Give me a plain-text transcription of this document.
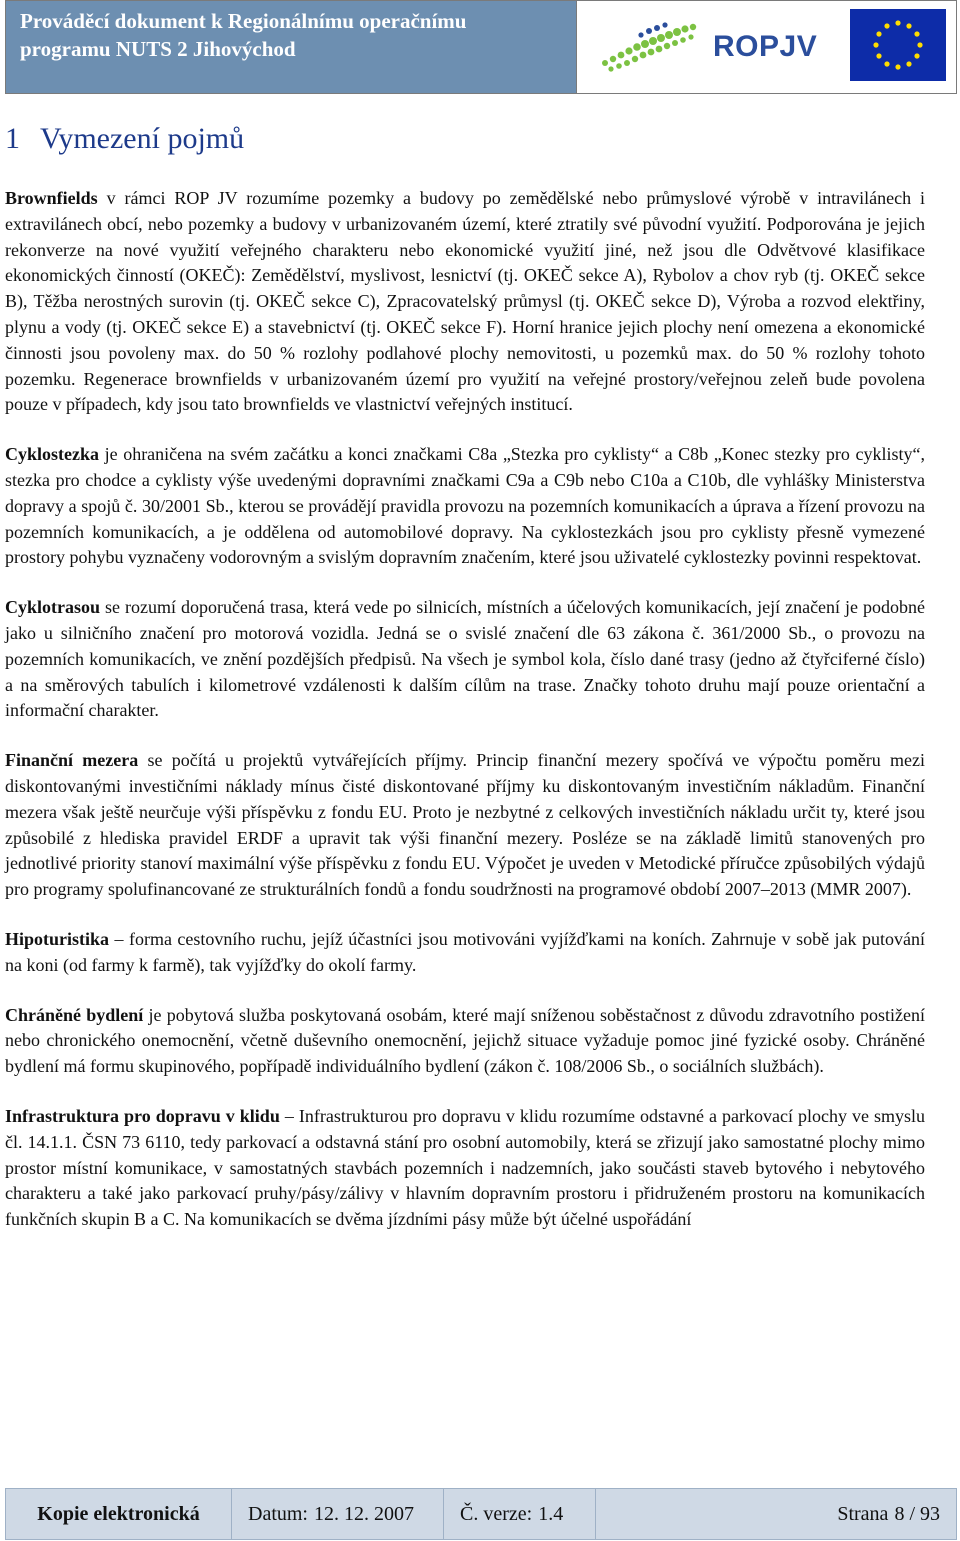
Prováděcí dokument k Regionálnímu operačnímu
programu NUTS 2 Jihovýchod	ROPJV
1 Vymezení pojmů

Brownfields v rámci ROP JV rozumíme pozemky a budovy po zemědělské nebo průmyslové výrobě v intravilánech i extravilánech obcí, nebo pozemky a budovy v urbanizovaném území, které ztratily své původní využití. Podporována je jejich rekonverze na nové využití veřejného charakteru nebo ekonomické využití jiné, než jsou dle Odvětvové klasifikace ekonomických činností (OKEČ): Zemědělství, myslivost, lesnictví (tj. OKEČ sekce A), Rybolov a chov ryb (tj. OKEČ sekce B), Těžba nerostných surovin (tj. OKEČ sekce C), Zpracovatelský průmysl (tj. OKEČ sekce D), Výroba a rozvod elektřiny, plynu a vody (tj. OKEČ sekce E) a stavebnictví (tj. OKEČ sekce F). Horní hranice jejich plochy není omezena a ekonomické činnosti jsou povoleny max. do 50 % rozlohy podlahové plochy nemovitosti, u pozemků max. do 50 % rozlohy tohoto pozemku. Regenerace brownfields v urbanizovaném území pro využití na veřejné prostory/veřejnou zeleň bude povolena pouze v případech, kdy jsou tato brownfields ve vlastnictví veřejných institucí.

Cyklostezka je ohraničena na svém začátku a konci značkami C8a „Stezka pro cyklisty“ a C8b „Konec stezky pro cyklisty“, stezka pro chodce a cyklisty výše uvedenými dopravními značkami C9a a C9b nebo C10a a C10b, dle vyhlášky Ministerstva dopravy a spojů č. 30/2001 Sb., kterou se provádějí pravidla provozu na pozemních komunikacích a úprava a řízení provozu na pozemních komunikacích, a je oddělena od automobilové dopravy. Na cyklostezkách jsou pro cyklisty přesně vymezené prostory pohybu vyznačeny vodorovným a svislým dopravním značením, které jsou uživatelé cyklostezky povinni respektovat.

Cyklotrasou se rozumí doporučená trasa, která vede po silnicích, místních a účelových komunikacích, její značení je podobné jako u silničního značení pro motorová vozidla. Jedná se o svislé značení dle 63 zákona č. 361/2000 Sb., o provozu na pozemních komunikacích, ve znění pozdějších předpisů. Na všech je symbol kola, číslo dané trasy (jedno až čtyřciferné číslo) a na směrových tabulích i kilometrové vzdálenosti k dalším cílům na trase. Značky tohoto druhu mají pouze orientační a informační charakter.

Finanční mezera se počítá u projektů vytvářejících příjmy. Princip finanční mezery spočívá ve výpočtu poměru mezi diskontovanými investičními náklady mínus čisté diskontované příjmy ku diskontovaným investičním nákladům. Finanční mezera však ještě neurčuje výši příspěvku z fondu EU. Proto je nezbytné z celkových investičních nákladu určit ty, které jsou způsobilé z hlediska pravidel ERDF a upravit tak výši finanční mezery. Posléze se na základě limitů stanovených pro jednotlivé priority stanoví maximální výše příspěvku z fondu EU. Výpočet je uveden v Metodické příručce způsobilých výdajů pro programy spolufinancované ze strukturálních fondů a fondu soudržnosti na programové období 2007–2013 (MMR 2007).

Hipoturistika – forma cestovního ruchu, jejíž účastníci jsou motivováni vyjížďkami na koních. Zahrnuje v sobě jak putování na koni (od farmy k farmě), tak vyjížďky do okolí farmy.

Chráněné bydlení je pobytová služba poskytovaná osobám, které mají sníženou soběstačnost z důvodu zdravotního postižení nebo chronického onemocnění, včetně duševního onemocnění, jejichž situace vyžaduje pomoc jiné fyzické osoby. Chráněné bydlení má formu skupinového, popřípadě individuálního bydlení (zákon č. 108/2006 Sb., o sociálních službách).

Infrastruktura pro dopravu v klidu – Infrastrukturou pro dopravu v klidu rozumíme odstavné a parkovací plochy ve smyslu čl. 14.1.1. ČSN 73 6110, tedy parkovací a odstavná stání pro osobní automobily, která se zřizují jako samostatné plochy mimo prostor místní komunikace, v samostatných stavbách pozemních i nadzemních, jako součásti staveb bytového i nebytového charakteru a také jako parkovací pruhy/pásy/zálivy v hlavním dopravním prostoru i přidruženém prostoru na komunikacích funkčních skupin B a C. Na komunikacích se dvěma jízdními pásy může být účelné uspořádání

Kopie elektronická	Datum: 12. 12. 2007 Č. verze: 1.4	Strana 8 / 93
